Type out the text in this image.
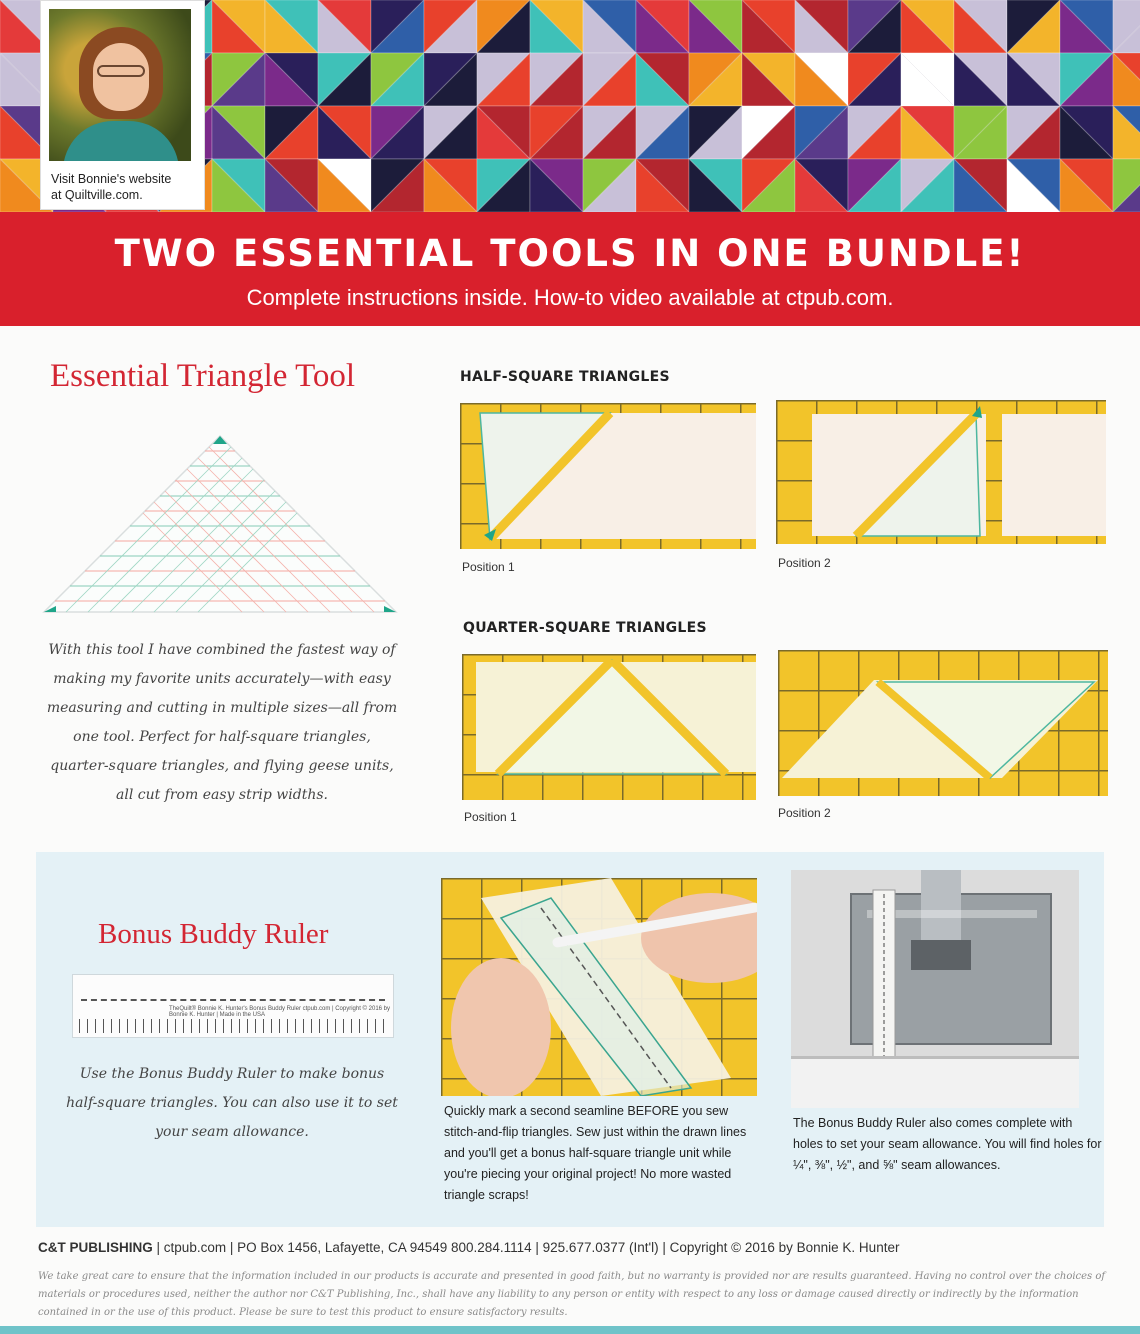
Visit Bonnie's website
at Quiltville.com.
TWO ESSENTIAL TOOLS IN ONE BUNDLE!

Complete instructions inside. How-to video available at ctpub.com.

Essential Triangle Tool
With this tool I have combined the fastest way of making my favorite units accurately—with easy measuring and cutting in multiple sizes—all from one tool. Perfect for half-square triangles, quarter-square triangles, and flying geese units, all cut from easy strip widths.
HALF-SQUARE TRIANGLES
Position 1	Position 2
QUARTER-SQUARE TRIANGLES
Position 1	Position 2
Bonus Buddy Ruler
TheQuilt® Bonnie K. Hunter's Bonus Buddy Ruler ctpub.com | Copyright © 2016 by Bonnie K. Hunter | Made in the USA
Use the Bonus Buddy Ruler to make bonus half-square triangles. You can also use it to set your seam allowance.
Quickly mark a second seamline BEFORE you sew stitch-and-flip triangles. Sew just within the drawn lines and you'll get a bonus half-square triangle unit while you're piecing your original project! No more wasted triangle scraps!
The Bonus Buddy Ruler also comes complete with holes to set your seam allowance. You will find holes for ¼", ⅜", ½", and ⅝" seam allowances.
C&T PUBLISHING | ctpub.com | PO Box 1456, Lafayette, CA 94549 800.284.1114 | 925.677.0377 (Int'l) | Copyright © 2016 by Bonnie K. Hunter
We take great care to ensure that the information included in our products is accurate and presented in good faith, but no warranty is provided nor are results guaranteed. Having no control over the choices of materials or procedures used, neither the author nor C&T Publishing, Inc., shall have any liability to any person or entity with respect to any loss or damage caused directly or indirectly by the information contained in or the use of this product. Please be sure to test this product to ensure satisfactory results.
